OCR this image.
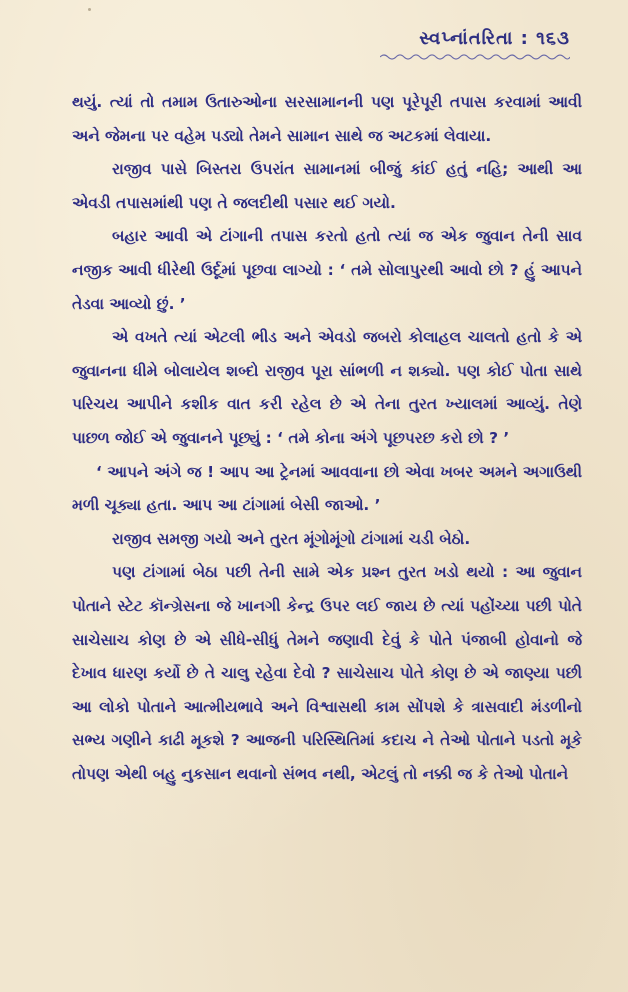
સ્વપ્નાંતરિતા : ૧૬૩

થયું. ત્યાં તો તમામ ઉતારુઓના સરસામાનની પણ પૂરેપૂરી તપાસ કરવામાં આવી અને જેમના પર વહેમ પડ્યો તેમને સામાન સાથે જ અટકમાં લેવાયા.

રાજીવ પાસે બિસ્તરા ઉપરાંત સામાનમાં બીજું કાંઈ હતું નહિ; આથી આ એવડી તપાસમાંથી પણ તે જલદીથી પસાર થઈ ગયો.

બહાર આવી એ ટાંગાની તપાસ કરતો હતો ત્યાં જ એક જુવાન તેની સાવ નજીક આવી ધીરેથી ઉર્દૂમાં પૂછવા લાગ્યો : ‘ તમે સોલાપુરથી આવો છો ? હું આપને તેડવા આવ્યો છું. ’

એ વખતે ત્યાં એટલી ભીડ અને એવડો જબરો કોલાહલ ચાલતો હતો કે એ જુવાનના ધીમે બોલાયેલ શબ્દો રાજીવ પૂરા સાંભળી ન શક્યો. પણ કોઈ પોતા સાથે પરિચય આપીને કશીક વાત કરી રહેલ છે એ તેના તુરત ખ્યાલમાં આવ્યું. તેણે પાછળ જોઈ એ જુવાનને પૂછ્યું : ‘ તમે કોના અંગે પૂછપરછ કરો છો ? ’

‘ આપને અંગે જ ! આપ આ ટ્રેનમાં આવવાના છો એવા ખબર અમને અગાઉથી મળી ચૂક્યા હતા. આપ આ ટાંગામાં બેસી જાઓ. ’

રાજીવ સમજી ગયો અને તુરત મૂંગોમૂંગો ટાંગામાં ચડી બેઠો.

પણ ટાંગામાં બેઠા પછી તેની સામે એક પ્રશ્ન તુરત ખડો થયો : આ જુવાન પોતાને સ્ટેટ કૉન્ગ્રેસના જે ખાનગી કેન્દ્ર ઉપર લઈ જાય છે ત્યાં પહોંચ્યા પછી પોતે સાચેસાચ કોણ છે એ સીધે-સીધું તેમને જણાવી દેવું કે પોતે પંજાબી હોવાનો જે દેખાવ ધારણ કર્યો છે તે ચાલુ રહેવા દેવો ? સાચેસાચ પોતે કોણ છે એ જાણ્યા પછી આ લોકો પોતાને આત્મીયભાવે અને વિશ્વાસથી કામ સોંપશે કે ત્રાસવાદી મંડળીનો સભ્ય ગણીને કાઢી મૂકશે ? આજની પરિસ્થિતિમાં કદાચ ને તેઓ પોતાને પડતો મૂકે તોપણ એથી બહુ નુકસાન થવાનો સંભવ નથી, એટલું તો નક્કી જ કે તેઓ પોતાને
